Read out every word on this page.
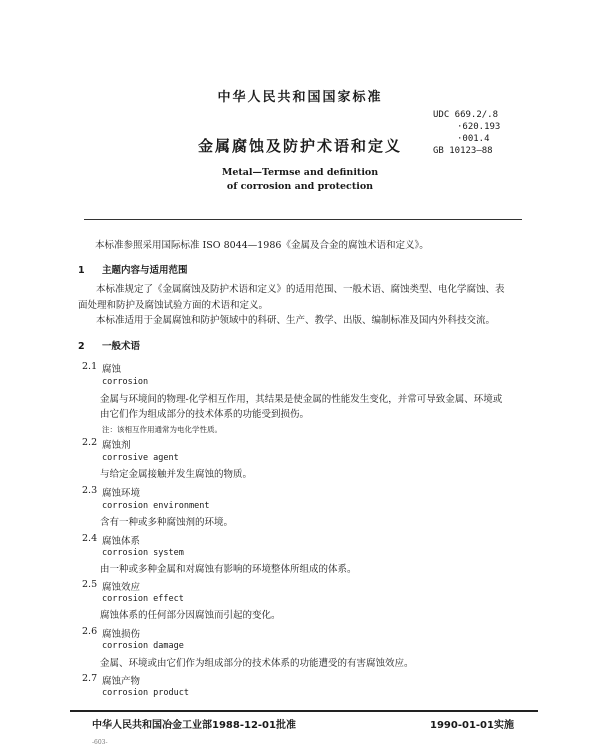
中华人民共和国国家标准
UDC 669.2/.8
·620.193
·001.4
GB 10123—88
金属腐蚀及防护术语和定义
Metal—Termse and definition
of corrosion and protection
本标准参照采用国际标准 ISO 8044—1986《金属及合金的腐蚀术语和定义》。
1 主题内容与适用范围
本标准规定了《金属腐蚀及防护术语和定义》的适用范围、一般术语、腐蚀类型、电化学腐蚀、表面处理和防护及腐蚀试验方面的术语和定义。
本标准适用于金属腐蚀和防护领域中的科研、生产、教学、出版、编制标准及国内外科技交流。
2 一般术语
2.1 腐蚀
corrosion
金属与环境间的物理-化学相互作用，其结果是使金属的性能发生变化，并常可导致金属、环境或由它们作为组成部分的技术体系的功能受到损伤。
注：该相互作用通常为电化学性质。
2.2 腐蚀剂
corrosive agent
与给定金属接触并发生腐蚀的物质。
2.3 腐蚀环境
corrosion environment
含有一种或多种腐蚀剂的环境。
2.4 腐蚀体系
corrosion system
由一种或多种金属和对腐蚀有影响的环境整体所组成的体系。
2.5 腐蚀效应
corrosion effect
腐蚀体系的任何部分因腐蚀而引起的变化。
2.6 腐蚀损伤
corrosion damage
金属、环境或由它们作为组成部分的技术体系的功能遭受的有害腐蚀效应。
2.7 腐蚀产物
corrosion product
中华人民共和国冶金工业部1988-12-01批准	1990-01-01实施
-603-
